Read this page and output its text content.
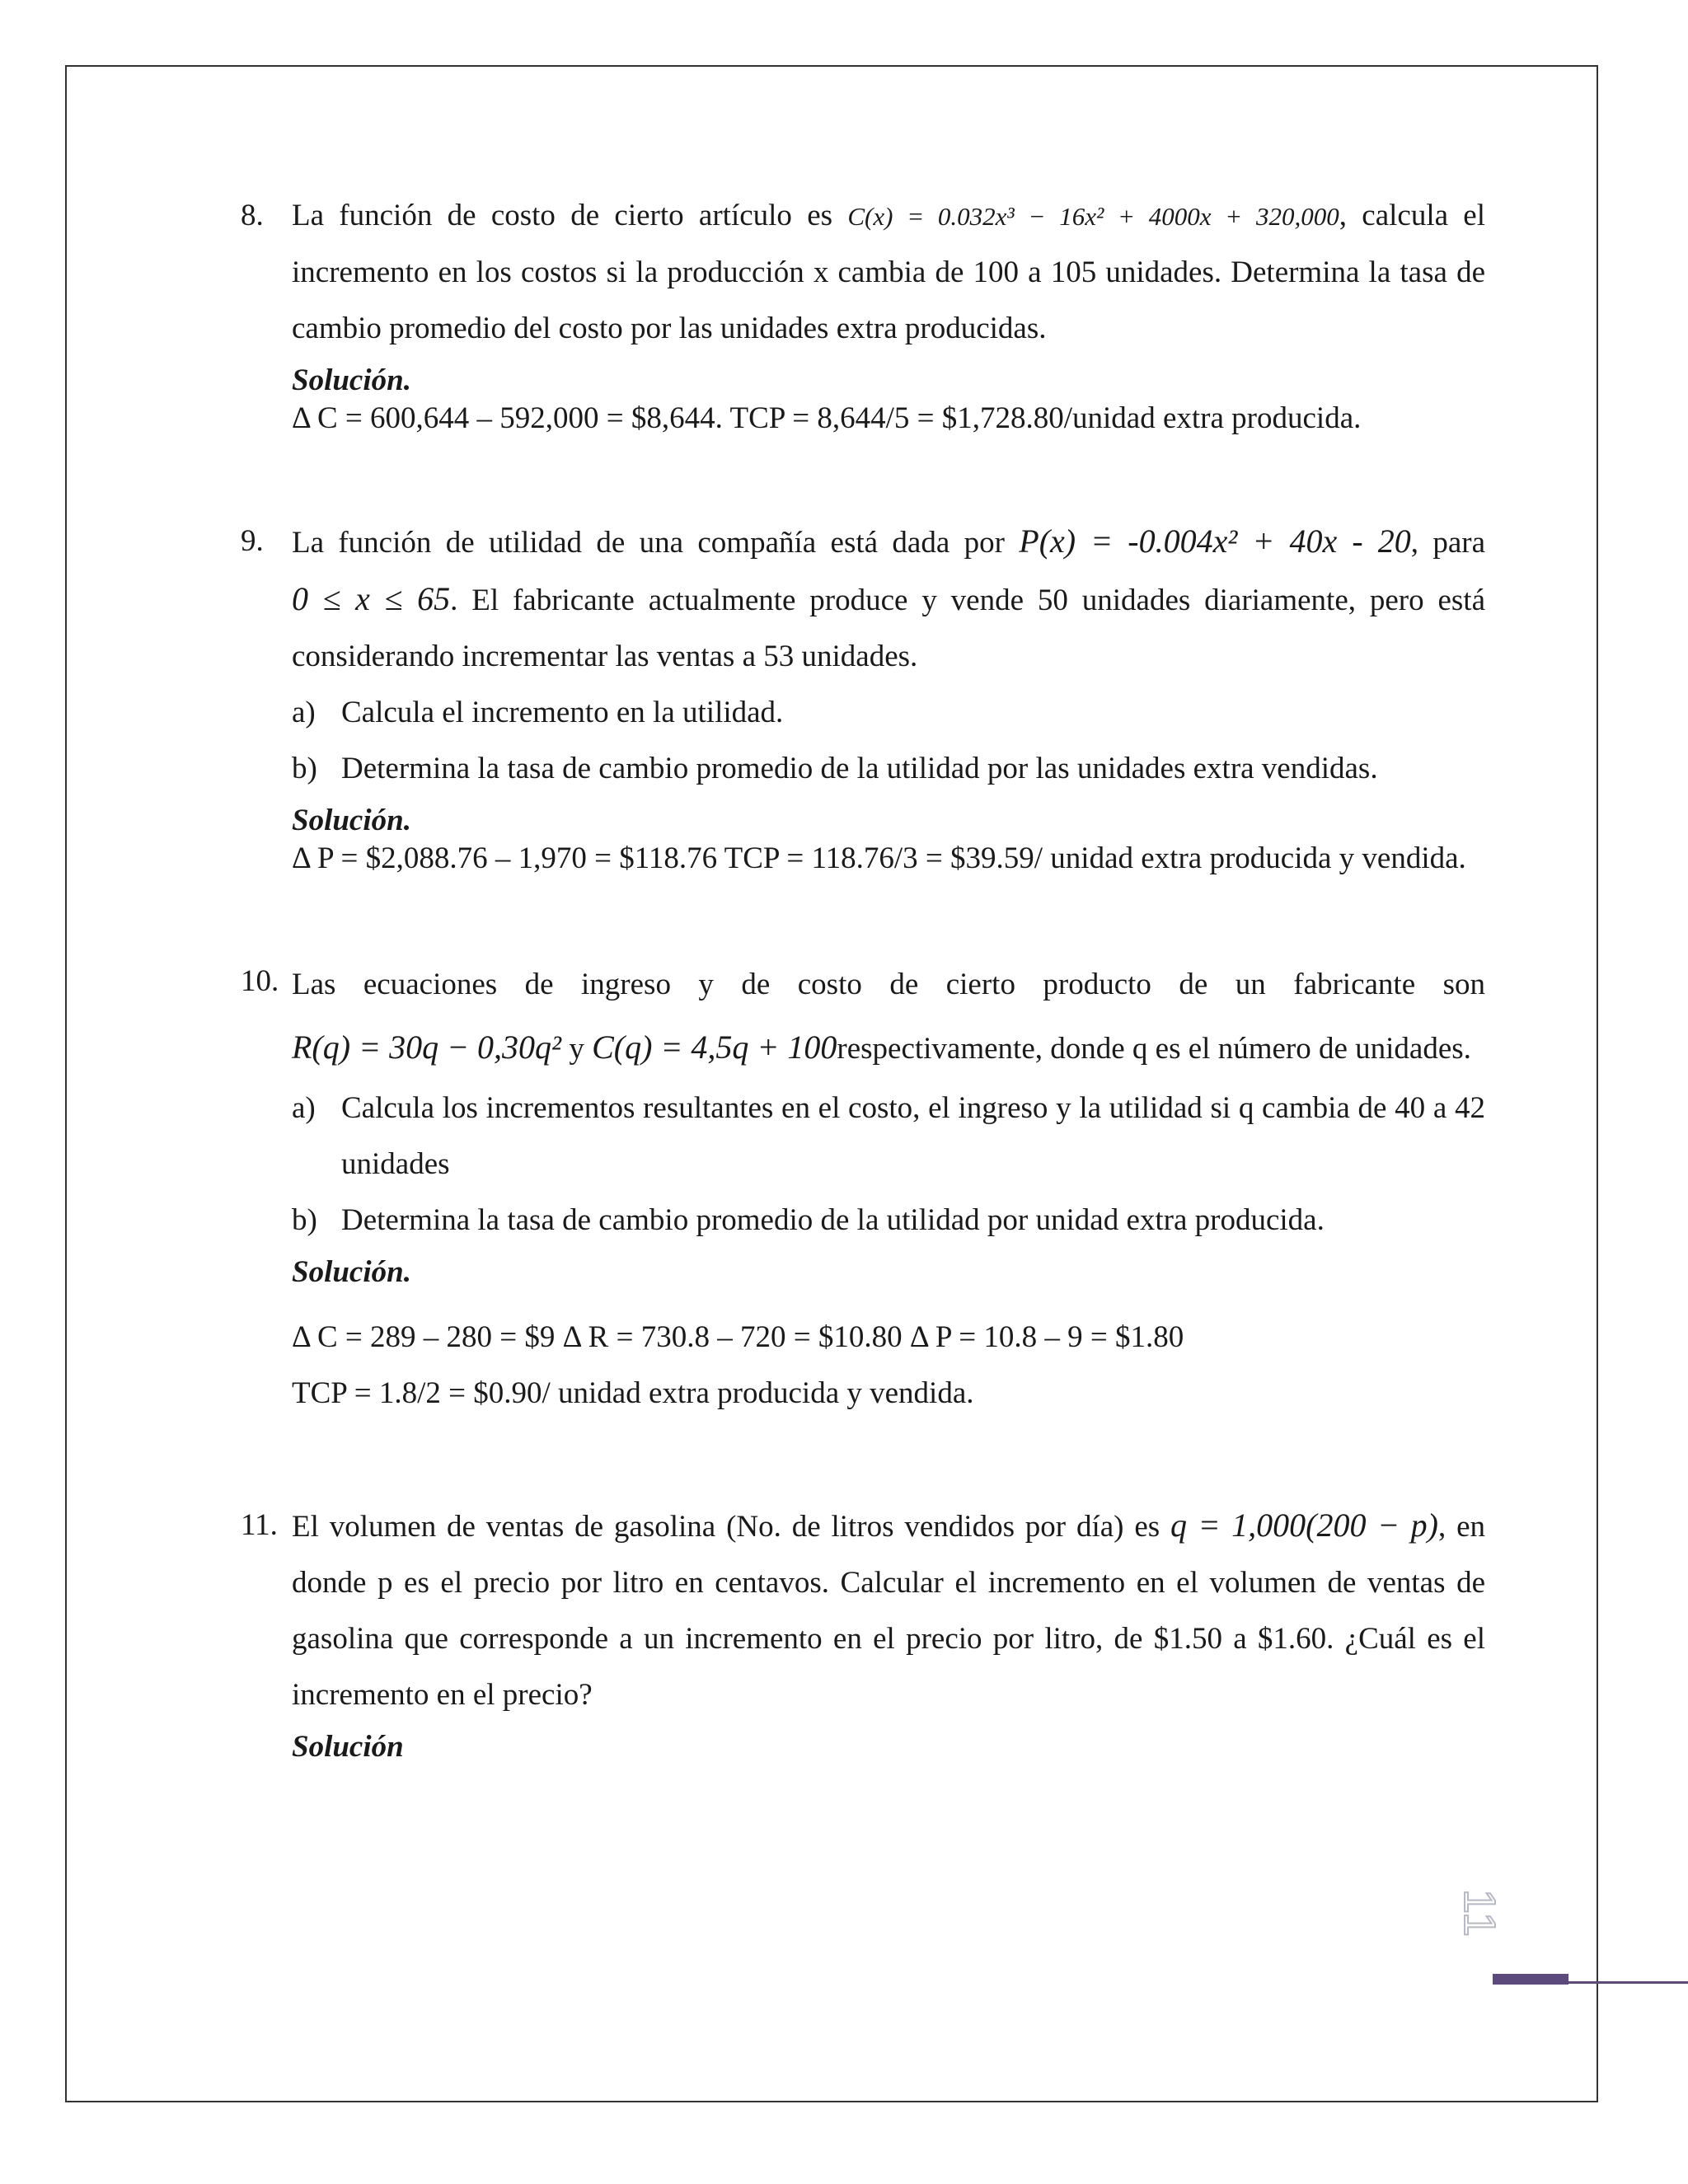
8. La función de costo de cierto artículo es C(x) = 0.032x³ − 16x² + 4000x + 320,000, calcula el incremento en los costos si la producción x cambia de 100 a 105 unidades. Determina la tasa de cambio promedio del costo por las unidades extra producidas.
Solución.
Δ C = 600,644 – 592,000 = $8,644. TCP = 8,644/5 = $1,728.80/unidad extra producida.
9. La función de utilidad de una compañía está dada por P(x) = -0.004x² + 40x - 20, para 0 ≤ x ≤ 65. El fabricante actualmente produce y vende 50 unidades diariamente, pero está considerando incrementar las ventas a 53 unidades.
a) Calcula el incremento en la utilidad.
b) Determina la tasa de cambio promedio de la utilidad por las unidades extra vendidas.
Solución.
Δ P = $2,088.76 – 1,970 = $118.76 TCP = 118.76/3 = $39.59/ unidad extra producida y vendida.
10. Las ecuaciones de ingreso y de costo de cierto producto de un fabricante son R(q) = 30q − 0,30q² y C(q) = 4,5q + 100respectivamente, donde q es el número de unidades.
a) Calcula los incrementos resultantes en el costo, el ingreso y la utilidad si q cambia de 40 a 42 unidades
b) Determina la tasa de cambio promedio de la utilidad por unidad extra producida.
Solución.
Δ C = 289 – 280 = $9 Δ R = 730.8 – 720 = $10.80 Δ P = 10.8 – 9 = $1.80
TCP = 1.8/2 = $0.90/ unidad extra producida y vendida.
11. El volumen de ventas de gasolina (No. de litros vendidos por día) es q = 1,000(200 − p), en donde p es el precio por litro en centavos. Calcular el incremento en el volumen de ventas de gasolina que corresponde a un incremento en el precio por litro, de $1.50 a $1.60. ¿Cuál es el incremento en el precio?
Solución
11
